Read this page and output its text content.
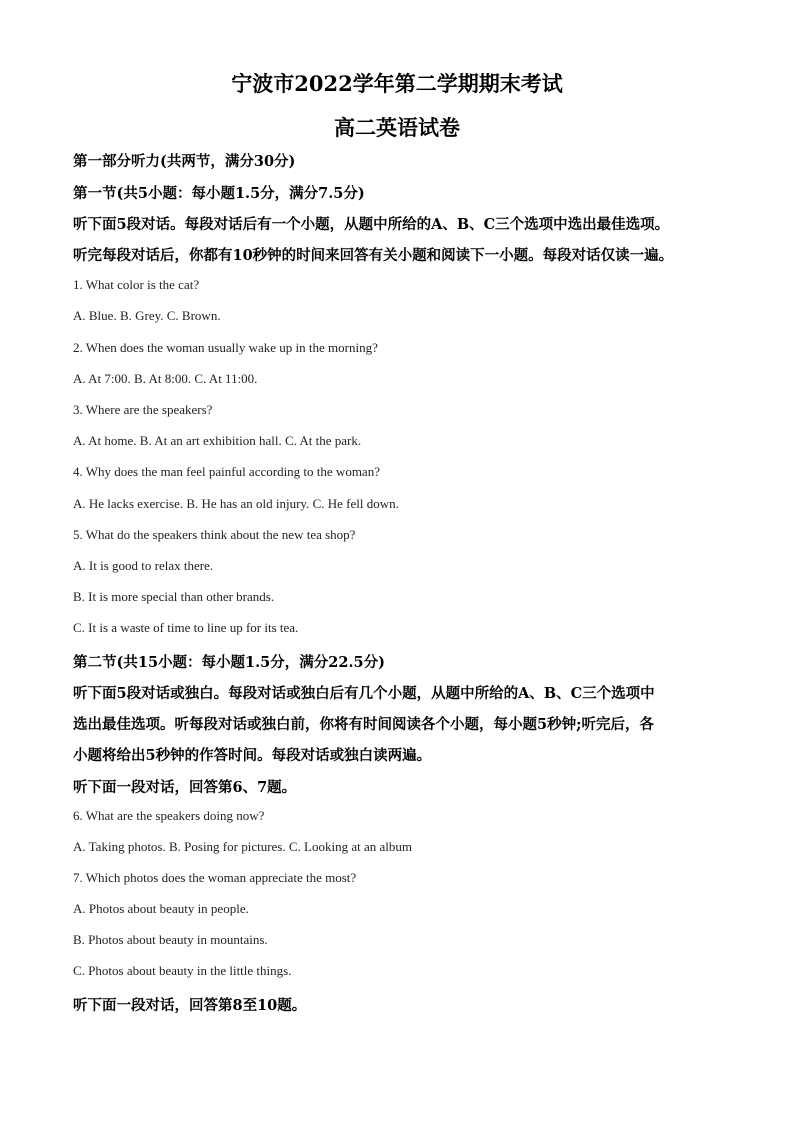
宁波市2022学年第二学期期末考试
高二英语试卷
第一部分听力(共两节，满分30分)
第一节(共5小题：每小题1.5分，满分7.5分)
听下面5段对话。每段对话后有一个小题，从题中所给的A、B、C三个选项中选出最佳选项。
听完每段对话后，你都有10秒钟的时间来回答有关小题和阅读下一小题。每段对话仅读一遍。
1. What color is the cat?
A. Blue. B. Grey. C. Brown.
2. When does the woman usually wake up in the morning?
A. At 7:00. B. At 8:00. C. At 11:00.
3. Where are the speakers?
A. At home. B. At an art exhibition hall. C. At the park.
4. Why does the man feel painful according to the woman?
A. He lacks exercise. B. He has an old injury. C. He fell down.
5. What do the speakers think about the new tea shop?
A. It is good to relax there.
B. It is more special than other brands.
C. It is a waste of time to line up for its tea.
第二节(共15小题：每小题1.5分，满分22.5分)
听下面5段对话或独白。每段对话或独白后有几个小题，从题中所给的A、B、C三个选项中
选出最佳选项。听每段对话或独白前，你将有时间阅读各个小题，每小题5秒钟;听完后，各
小题将给出5秒钟的作答时间。每段对话或独白读两遍。
听下面一段对话，回答第6、7题。
6. What are the speakers doing now?
A. Taking photos. B. Posing for pictures. C. Looking at an album
7. Which photos does the woman appreciate the most?
A. Photos about beauty in people.
B. Photos about beauty in mountains.
C. Photos about beauty in the little things.
听下面一段对话，回答第8至10题。
